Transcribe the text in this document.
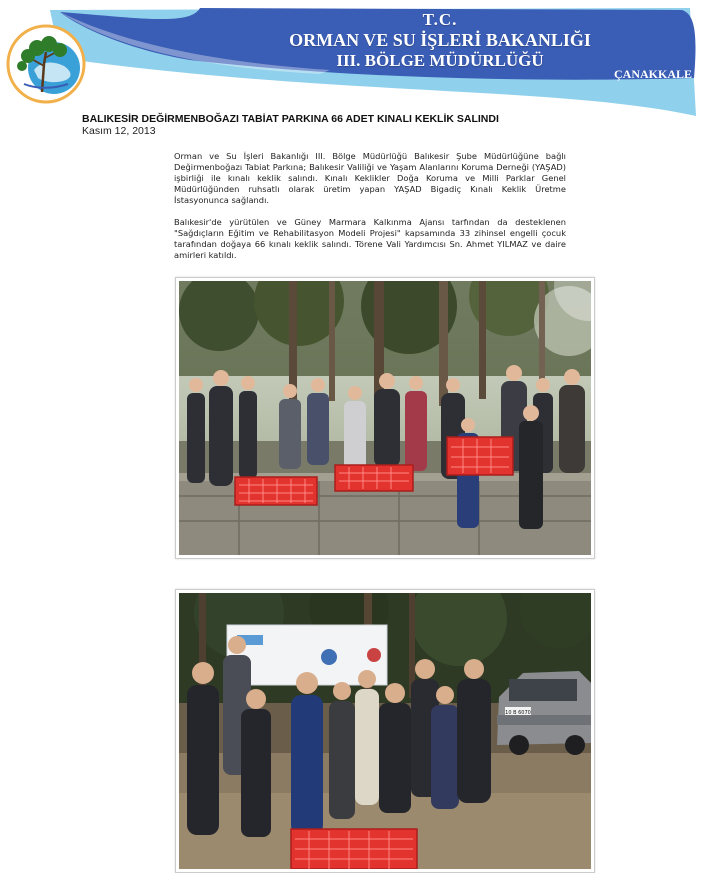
T.C.
ORMAN VE SU İŞLERİ BAKANLIĞI
III. BÖLGE MÜDÜRLÜĞÜ
ÇANAKKALE
BALIKESİR DEĞİRMENBOĞAZI TABİAT PARKINA 66 ADET KINALI KEKLİK SALINDI
Kasım 12, 2013

Orman ve Su İşleri Bakanlığı III. Bölge Müdürlüğü Balıkesir Şube Müdürlüğüne bağlı Değirmenboğazı Tabiat Parkına; Balıkesir Valiliği ve Yaşam Alanlarını Koruma Derneği (YAŞAD) işbirliği ile kınalı keklik salındı. Kınalı Keklikler Doğa Koruma ve Milli Parklar Genel Müdürlüğünden ruhsatlı olarak üretim yapan YAŞAD Bigadiç Kınalı Keklik Üretme İstasyonunca sağlandı.

Balıkesir'de yürütülen ve Güney Marmara Kalkınma Ajansı tarfından da desteklenen "Sağdıçların Eğitim ve Rehabilitasyon Modeli Projesi" kapsamında 33 zihinsel engelli çocuk tarafından doğaya 66 kınalı keklik salındı. Törene Vali Yardımcısı Sn. Ahmet YILMAZ ve daire amirleri katıldı.

10 B 6070
